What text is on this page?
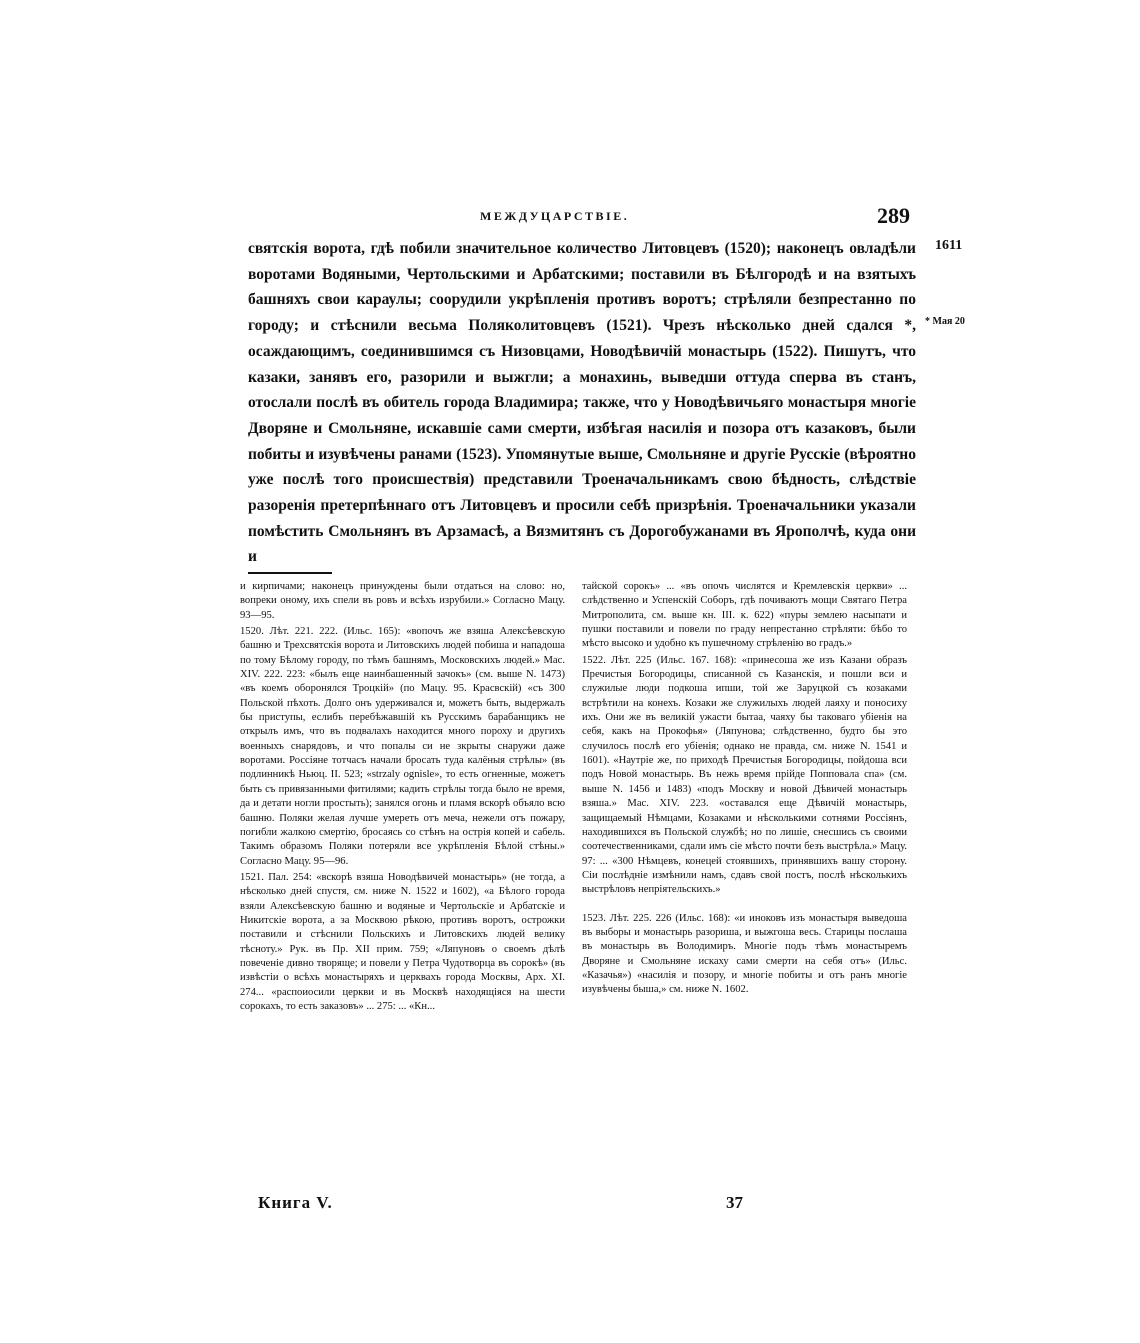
МЕЖДУЦАРСТВІЕ.	289
1611
* Мая 20

святскія ворота, гдѣ побили значительное количество Литовцевъ (1520); наконецъ овладѣли воротами Водяными, Чертольскими и Арбатскими; поставили въ Бѣлгородѣ и на взятыхъ башняхъ свои караулы; соорудили укрѣпленія противъ воротъ; стрѣляли безпрестанно по городу; и стѣснили весьма Поляколитовцевъ (1521). Чрезъ нѣсколько дней сдался *, осаждающимъ, соединившимся съ Низовцами, Новодѣвичій монастырь (1522). Пишутъ, что казаки, занявъ его, разорили и выжгли; а монахинь, выведши оттуда сперва въ станъ, отослали послѣ въ обитель города Владимира; также, что у Новодѣвичьяго монастыря многіе Дворяне и Смольняне, искавшіе сами смерти, избѣгая насилія и позора отъ казаковъ, были побиты и изувѣчены ранами (1523). Упомянутые выше, Смольняне и другіе Русскіе (вѣроятно уже послѣ того происшествія) представили Троеначальникамъ свою бѣдность, слѣдствіе разоренія претерпѣннаго отъ Литовцевъ и просили себѣ призрѣнія. Троеначальники указали помѣстить Смольнянъ въ Арзамасѣ, а Вязмитянъ съ Дорогобужанами въ Ярополчѣ, куда они и

и кирпичами; наконецъ принуждены были отдаться на слово: но, вопреки оному, ихъ спели въ ровъ и всѣхъ изрубили.» Согласно Мацу. 93—95.

1520. Лѣт. 221. 222. (Ильс. 165): «вопочъ же взяша Алексѣевскую башню и Трехсвятскія ворота и Литовскихъ людей побиша и нападоша по тому Бѣлому городу, по тѣмъ башнямъ, Московскихъ людей.» Маc. XIV. 222. 223: «былъ еще наинбашенный зачокъ» (см. выше N. 1473) «въ коемъ оборонялся Троцкій» (по Мацу. 95. Красвскій) «съ 300 Польской пѣхоть. Долго онъ удерживался и, можетъ быть, выдержалъ бы приступы, еслибъ перебѣжавшій къ Русскимъ барабанщикъ не открылъ имъ, что въ подвалахъ находится много пороху и другихъ военныхъ снарядовъ, и что попалы си не зкрыты снаружи даже воротами. Россіяне тотчасъ начали бросать туда калёныя стрѣлы» (въ подлинникѣ Ньюц. II. 523; «strzaly ognisle», то есть огненные, можетъ быть съ привязанными фитилями; кадить стрѣлы тогда было не время, да и детати ногли простыть); занялся огонь и пламя вскорѣ объяло всю башню. Поляки желая лучше умереть отъ меча, нежели отъ пожару, погибли жалкою смертію, бросаясь со стѣнъ на острія копей и сабель. Такимъ образомъ Поляки потеряли все укрѣпленія Бѣлой стѣны.» Согласно Мацу. 95—96.

1521. Пал. 254: «вскорѣ взяша Новодѣвичей монастырь» (не тогда, а нѣсколько дней спустя, см. ниже N. 1522 и 1602), «а Бѣлого города взяли Алексѣевскую башню и водяные и Чертольскіе и Арбатскіе и Никитскіе ворота, а за Москвою рѣкою, противъ воротъ, острожки поставили и стѣснили Польскихъ и Литовскихъ людей велику тѣсноту.» Рук. въ Пр. XII прим. 759; «Ляпуновъ о своемъ дѣлѣ повеченіе дивно творяще; и повели у Петра Чудотворца въ сорокѣ» (въ извѣстіи о всѣхъ монастыряхъ и церквахъ города Москвы, Арх. XI. 274... «распоиосили церкви и въ Москвѣ находящіяся на шести сорокахъ, то есть заказовъ» ... 275: ... «Кн...

тайской сорокъ» ... «въ опочъ числятся и Кремлевскія церкви» ... слѣдственно и Успенскій Соборъ, гдѣ почиваютъ мощи Святаго Петра Митрополита, см. выше кн. III. к. 622) «пуры землею насыпати и пушки поставили и повели по граду непрестанно стрѣляти: бѣбо то мѣсто высоко и удобно къ пушечному стрѣленію во градъ.»

1522. Лѣт. 225 (Ильс. 167. 168): «принесоша же изъ Казани образъ Пречистыя Богородицы, списанной съ Казанскія, и пошли вси и служилые люди подкоша ипши, той же Заруцкой съ козаками встрѣтили на конехъ. Козаки же служилыхъ людей лаяху и поносиху ихъ. Они же въ великій ужасти бытаа, чаяху бы таковаго убіенія на себя, какъ на Прокофья» (Ляпунова; слѣдственно, будто бы это случилось послѣ его убіенія; однако не правда, см. ниже N. 1541 и 1601). «Наутріе же, по приходѣ Пречистыя Богородицы, пойдоша вси подъ Новой монастырь. Въ нежь время прійде Попповала спа» (см. выше N. 1456 и 1483) «подъ Москву и новой Дѣвичей монастырь взяша.» Мас. XIV. 223. «оставался еще Дѣвичій монастырь, защищаемый Нѣмцами, Козаками и нѣсколькими сотнями Россіянъ, находившихся въ Польской службѣ; но по лишіе, снесшись съ своими соотечественниками, сдали имъ сіе мѣсто почти безъ выстрѣла.» Мацу. 97: ... «300 Нѣмцевъ, конецей стоявшихъ, принявшихъ вашу сторону. Сіи послѣдніе измѣнили намъ, сдавъ свой постъ, послѣ нѣсколькихъ выстрѣловъ непріятельскихъ.»

1523. Лѣт. 225. 226 (Ильс. 168): «и иноковъ изъ монастыря выведоша въ выборы и монастырь разориша, и выжгоша весь. Старицы послаша въ монастырь въ Володимиръ. Многіе подъ тѣмъ монастыремъ Дворяне и Смольняне искаху сами смерти на себя отъ» (Ильс. «Казачья») «насилія и позору, и многіе побиты и отъ ранъ многіе изувѣчены быша,» см. ниже N. 1602.

Книга V.	37
